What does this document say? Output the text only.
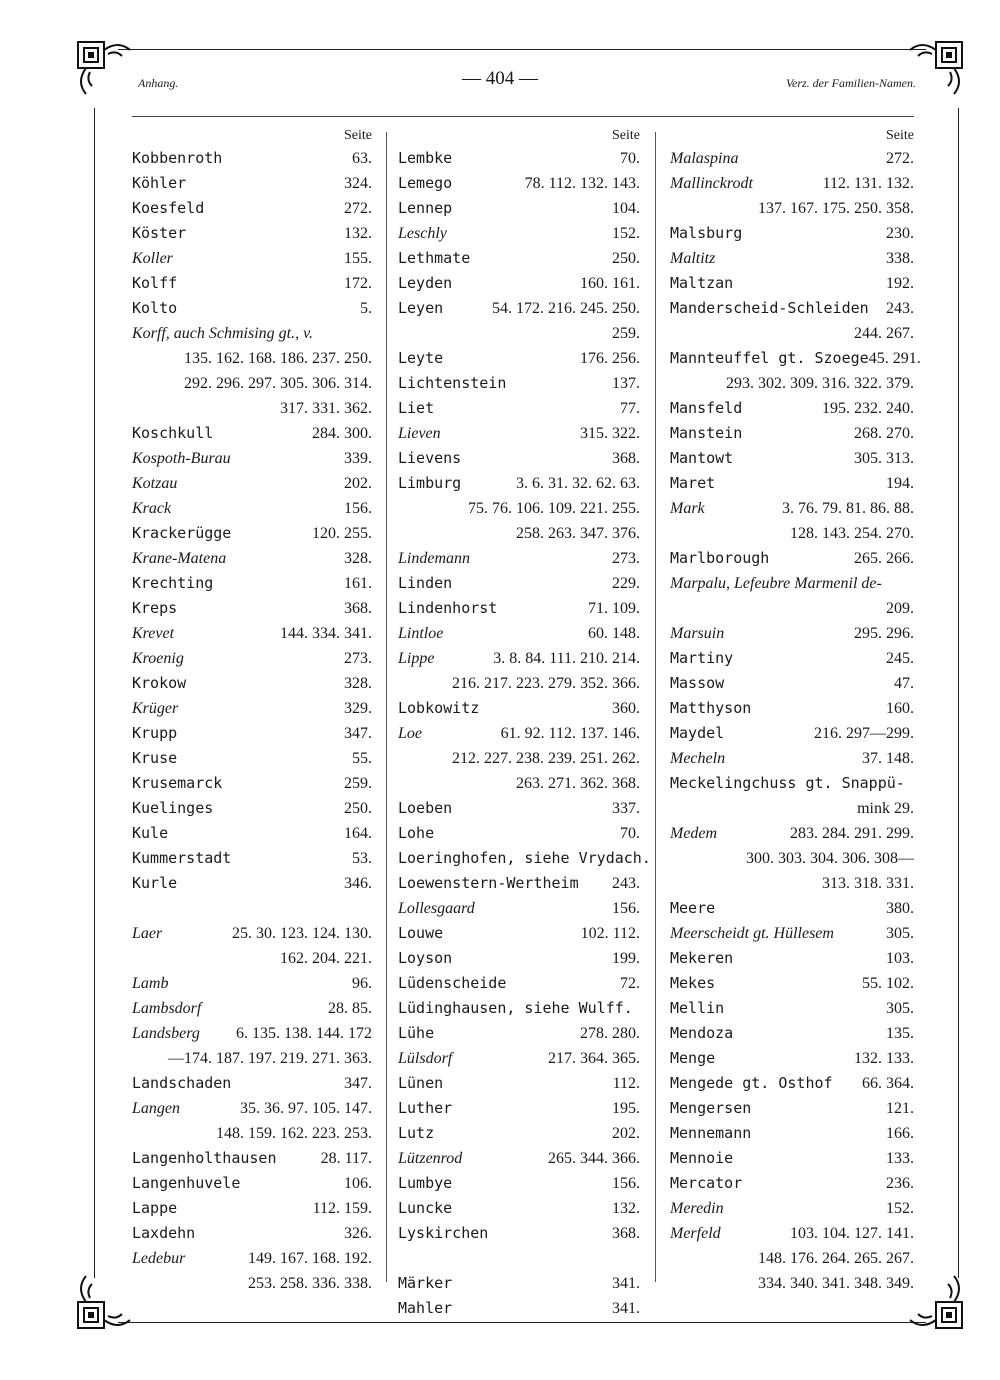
Anhang.	— 404 —	Verz. der Familien-Namen.
Seite
Kobbenroth	63.
Köhler	324.
Koesfeld	272.
Köster	132.
Koller	155.
Kolff	172.
Kolto	5.
Korff, auch Schmising gt., v.
135. 162. 168. 186. 237. 250.
292. 296. 297. 305. 306. 314.
317. 331. 362.
Koschkull	284. 300.
Kospoth-Burau	339.
Kotzau	202.
Krack	156.
Krackerügge	120. 255.
Krane-Matena	328.
Krechting	161.
Kreps	368.
Krevet	144. 334. 341.
Kroenig	273.
Krokow	328.
Krüger	329.
Krupp	347.
Kruse	55.
Krusemarck	259.
Kuelinges	250.
Kule	164.
Kummerstadt	53.
Kurle	346.
Laer	25. 30. 123. 124. 130.
162. 204. 221.
Lamb	96.
Lambsdorf	28. 85.
Landsberg 6. 135. 138. 144. 172
—174. 187. 197. 219. 271. 363.
Landschaden	347.
Langen	35. 36. 97. 105. 147.
148. 159. 162. 223. 253.
Langenholthausen	28. 117.
Langenhuvele	106.
Lappe	112. 159.
Laxdehn	326.
Ledebur	149. 167. 168. 192.
253. 258. 336. 338.
Seite
Lembke	70.
Lemego	78. 112. 132. 143.
Lennep	104.
Leschly	152.
Lethmate	250.
Leyden	160. 161.
Leyen	54. 172. 216. 245. 250.
259.
Leyte	176. 256.
Lichtenstein	137.
Liet	77.
Lieven	315. 322.
Lievens	368.
Limburg	3. 6. 31. 32. 62. 63.
75. 76. 106. 109. 221. 255.
258. 263. 347. 376.
Lindemann	273.
Linden	229.
Lindenhorst	71. 109.
Lintloe	60. 148.
Lippe	3. 8. 84. 111. 210. 214.
216. 217. 223. 279. 352. 366.
Lobkowitz	360.
Loe	61. 92. 112. 137. 146.
212. 227. 238. 239. 251. 262.
263. 271. 362. 368.
Loeben	337.
Lohe	70.
Loeringhofen, siehe Vrydach.
Loewenstern-Wertheim 243.
Lollesgaard	156.
Louwe	102. 112.
Loyson	199.
Lüdenscheide	72.
Lüdinghausen, siehe Wulff.
Lühe	278. 280.
Lülsdorf	217. 364. 365.
Lünen	112.
Luther	195.
Lutz	202.
Lützenrod	265. 344. 366.
Lumbye	156.
Luncke	132.
Lyskirchen	368.
Märker	341.
Mahler	341.
Seite
Malaspina	272.
Mallinckrodt	112. 131. 132.
137. 167. 175. 250. 358.
Malsburg	230.
Maltitz	338.
Maltzan	192.
Manderscheid-Schleiden 243.
244. 267.
Mannteuffel gt. Szoege 45. 291.
293. 302. 309. 316. 322. 379.
Mansfeld	195. 232. 240.
Manstein	268. 270.
Mantowt	305. 313.
Maret	194.
Mark	3. 76. 79. 81. 86. 88.
128. 143. 254. 270.
Marlborough	265. 266.
Marpalu, Lefeubre Marmenil de-
209.
Marsuin	295. 296.
Martiny	245.
Massow	47.
Matthyson	160.
Maydel	216. 297—299.
Mecheln	37. 148.
Meckelingchuss gt. Snappü-
mink 29.
Medem	283. 284. 291. 299.
300. 303. 304. 306. 308—
313. 318. 331.
Meere	380.
Meerscheidt gt. Hüllesem	305.
Mekeren	103.
Mekes	55. 102.
Mellin	305.
Mendoza	135.
Menge	132. 133.
Mengede gt. Osthof 66. 364.
Mengersen	121.
Mennemann	166.
Mennoie	133.
Mercator	236.
Meredin	152.
Merfeld	103. 104. 127. 141.
148. 176. 264. 265. 267.
334. 340. 341. 348. 349.
